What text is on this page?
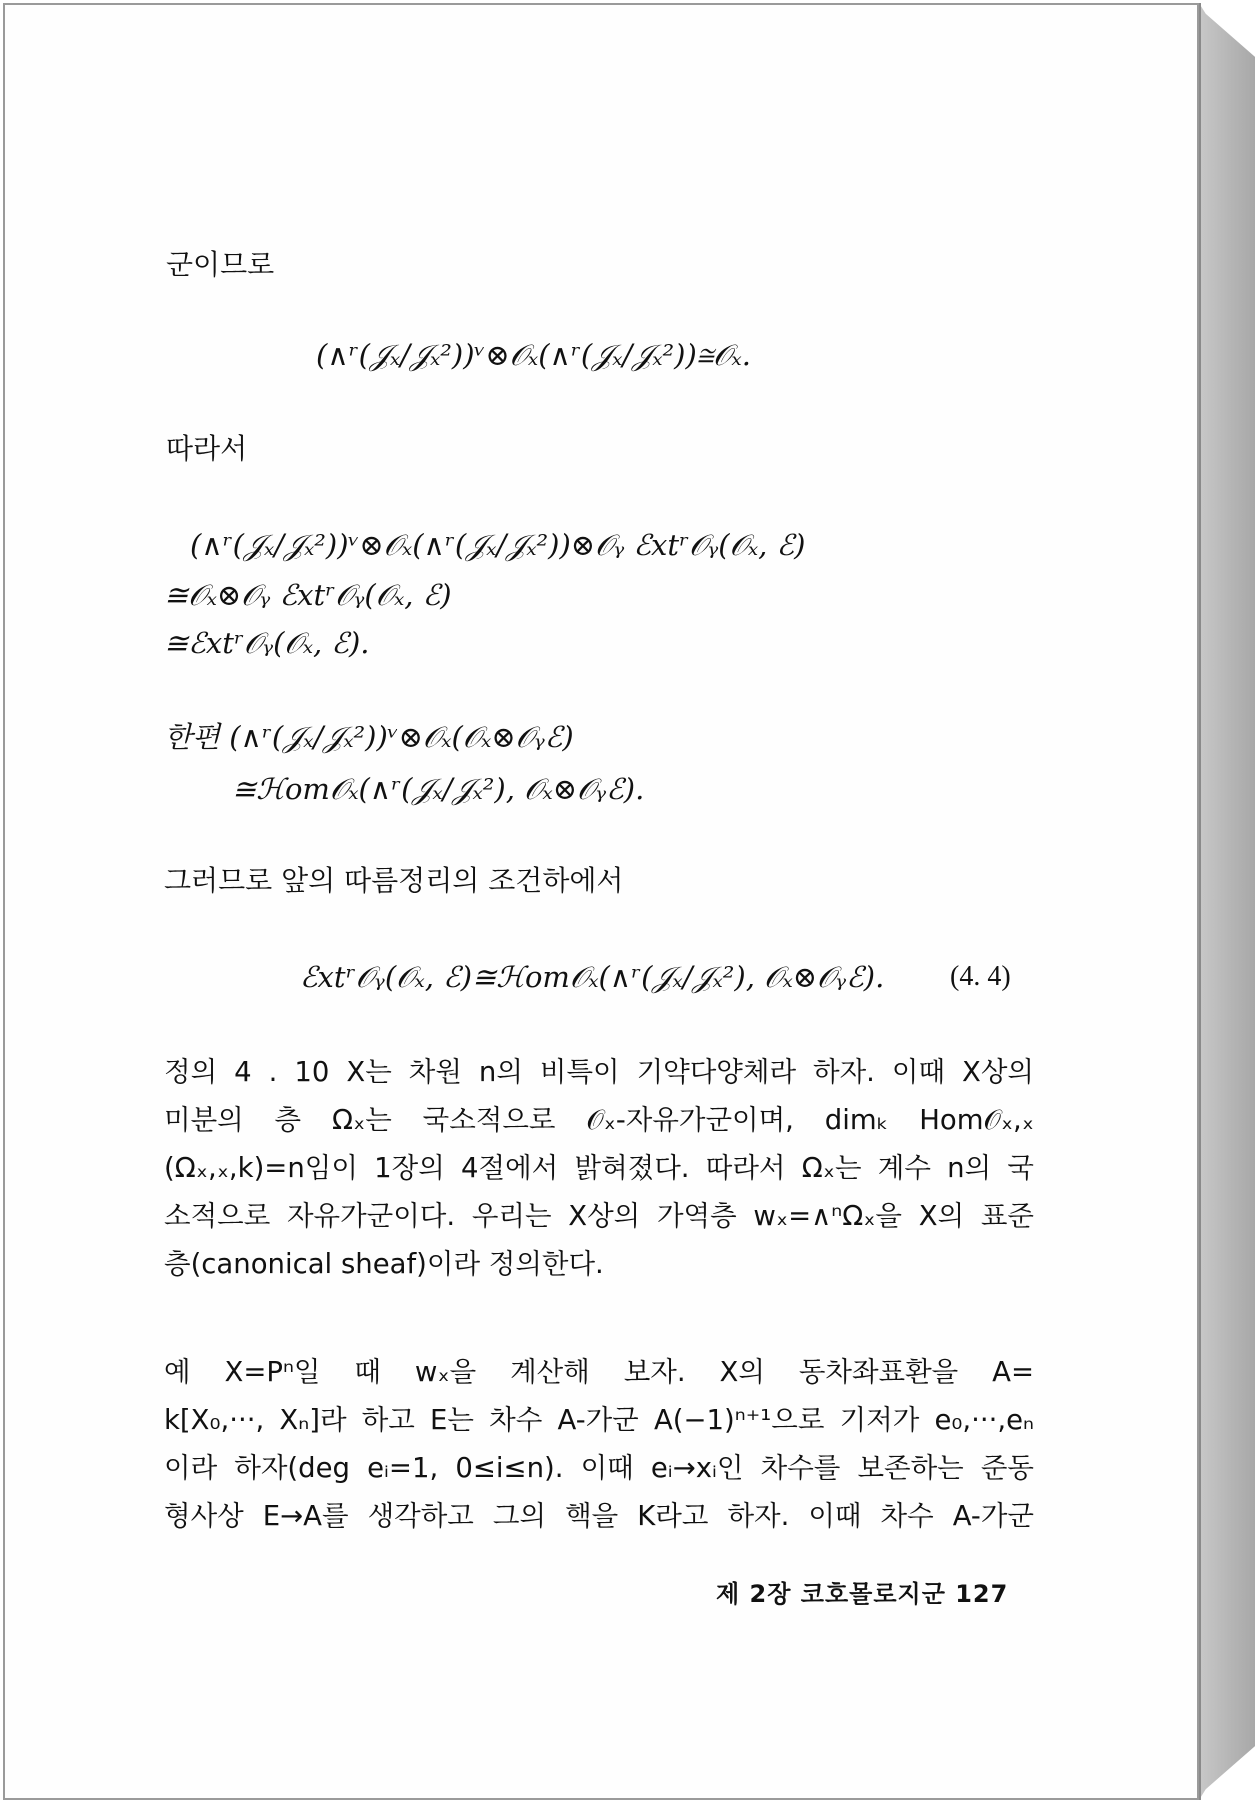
군이므로
(∧ʳ(𝒥ₓ/𝒥ₓ²))ᵛ⊗𝒪ₓ(∧ʳ(𝒥ₓ/𝒥ₓ²))≅𝒪ₓ.
따라서
(∧ʳ(𝒥ₓ/𝒥ₓ²))ᵛ⊗𝒪ₓ(∧ʳ(𝒥ₓ/𝒥ₓ²))⊗𝒪ᵧ ℰxtʳ𝒪ᵧ(𝒪ₓ, ℰ)
≅𝒪ₓ⊗𝒪ᵧ ℰxtʳ𝒪ᵧ(𝒪ₓ, ℰ)
≅ℰxtʳ𝒪ᵧ(𝒪ₓ, ℰ).
한편 (∧ʳ(𝒥ₓ/𝒥ₓ²))ᵛ⊗𝒪ₓ(𝒪ₓ⊗𝒪ᵧℰ)
≅ℋom𝒪ₓ(∧ʳ(𝒥ₓ/𝒥ₓ²), 𝒪ₓ⊗𝒪ᵧℰ).
그러므로 앞의 따름정리의 조건하에서
ℰxtʳ𝒪ᵧ(𝒪ₓ, ℰ)≅ℋom𝒪ₓ(∧ʳ(𝒥ₓ/𝒥ₓ²), 𝒪ₓ⊗𝒪ᵧℰ). (4. 4)
정의 4 . 10 X는 차원 n의 비특이 기약다양체라 하자. 이때 X상의
미분의 층 Ωₓ는 국소적으로 𝒪ₓ-자유가군이며, dimₖ Hom𝒪ₓ,ₓ
(Ωₓ,ₓ,k)=n임이 1장의 4절에서 밝혀졌다. 따라서 Ωₓ는 계수 n의 국
소적으로 자유가군이다. 우리는 X상의 가역층 wₓ=∧ⁿΩₓ을 X의 표준
층(canonical sheaf)이라 정의한다.
예 X=Pⁿ일 때 wₓ을 계산해 보자. X의 동차좌표환을 A=
k[X₀,···, Xₙ]라 하고 E는 차수 A-가군 A(−1)ⁿ⁺¹으로 기저가 e₀,···,eₙ
이라 하자(deg eᵢ=1, 0≤i≤n). 이때 eᵢ→xᵢ인 차수를 보존하는 준동
형사상 E→A를 생각하고 그의 핵을 K라고 하자. 이때 차수 A-가군
제 2장 코호몰로지군 127
